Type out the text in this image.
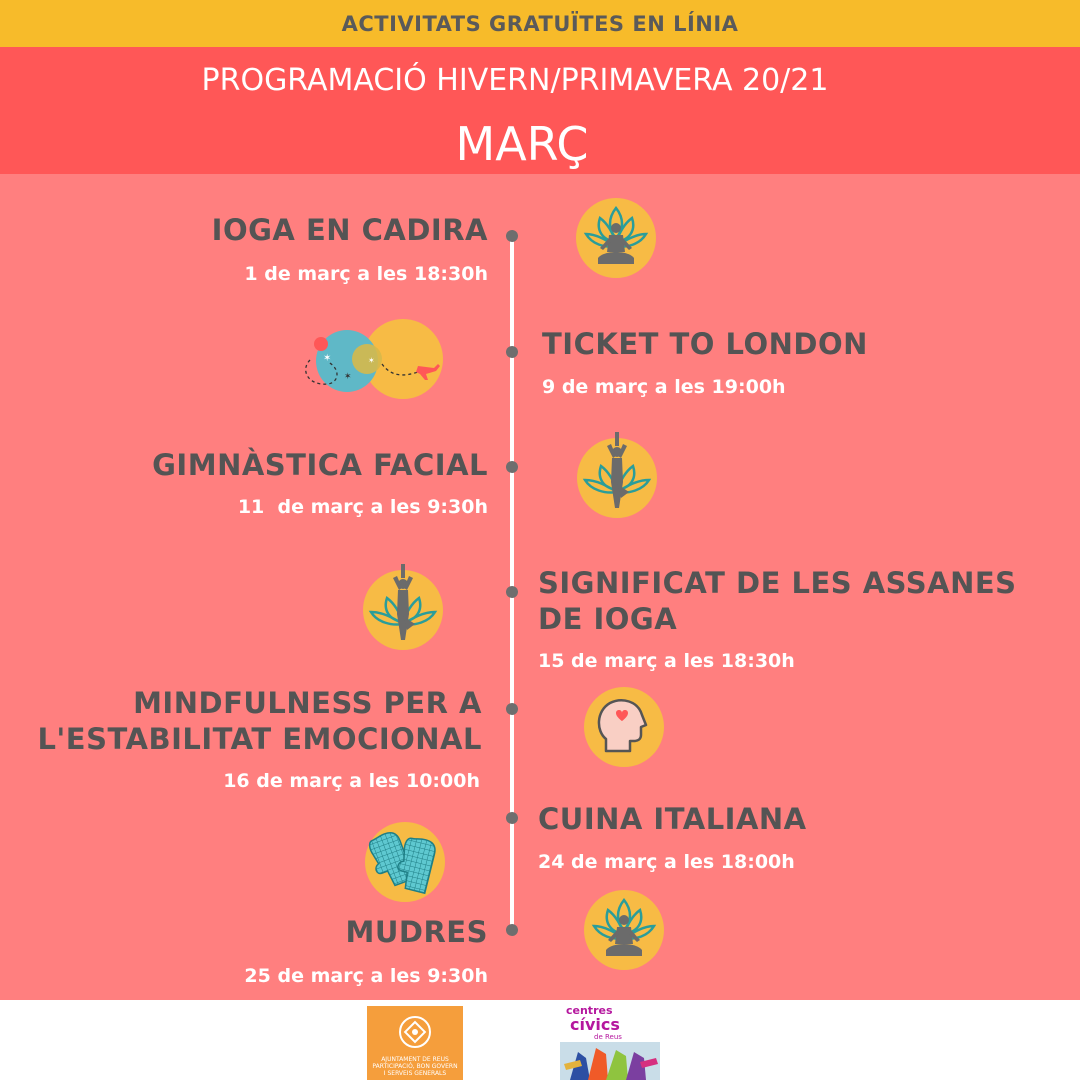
ACTIVITATS GRATUÏTES EN LÍNIA
PROGRAMACIÓ HIVERN/PRIMAVERA 20/21
MARÇ
IOGA EN CADIRA
1 de març a les 18:30h
✶
✶
✶	TICKET TO LONDON
9 de març a les 19:00h
GIMNÀSTICA FACIAL
11  de març a les 9:30h
SIGNIFICAT DE LES ASSANES
DE IOGA
15 de març a les 18:30h
MINDFULNESS PER A
L'ESTABILITAT EMOCIONAL
16 de març a les 10:00h
CUINA ITALIANA
24 de març a les 18:00h
MUDRES
25 de març a les 9:30h
AJUNTAMENT DE REUS
PARTICIPACIÓ, BON GOVERN
I SERVEIS GENERALS
centres
cívics
de Reus
